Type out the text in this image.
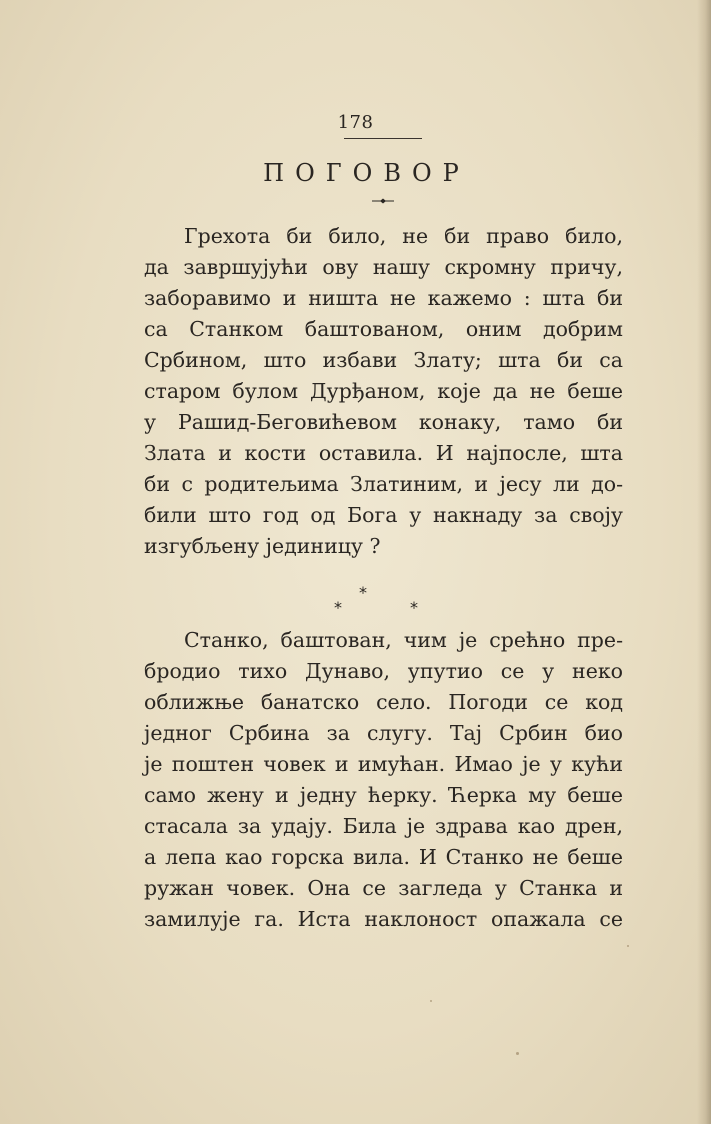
178
ПОГОВОР
Грехота би било, не би право било,
да завршујући ову нашу скромну причу,
заборавимо и ништа не кажемо : шта би
са Станком баштованом, оним добрим
Србином, што избави Злату; шта би са
старом булом Дурђаном, које да не беше
у Рашид-Беговићевом конаку, тамо би
Злата и кости оставила. И најпосле, шта
би с родитељима Златиним, и јесу ли до-
били што год од Бога у накнаду за своју
изгубљену јединицу ?
*
*	*
Станко, баштован, чим је срећно пре-
бродио тихо Дунаво, упутио се у неко
оближње банатско село. Погоди се код
једног Србина за слугу. Тај Србин био
је поштен човек и имућан. Имао је у кући
само жену и једну ћерку. Ћерка му беше
стасала за удају. Била је здрава као дрен,
а лепа као горска вила. И Станко не беше
ружан човек. Она се загледа у Станка и
замилује га. Иста наклоност опажала се
